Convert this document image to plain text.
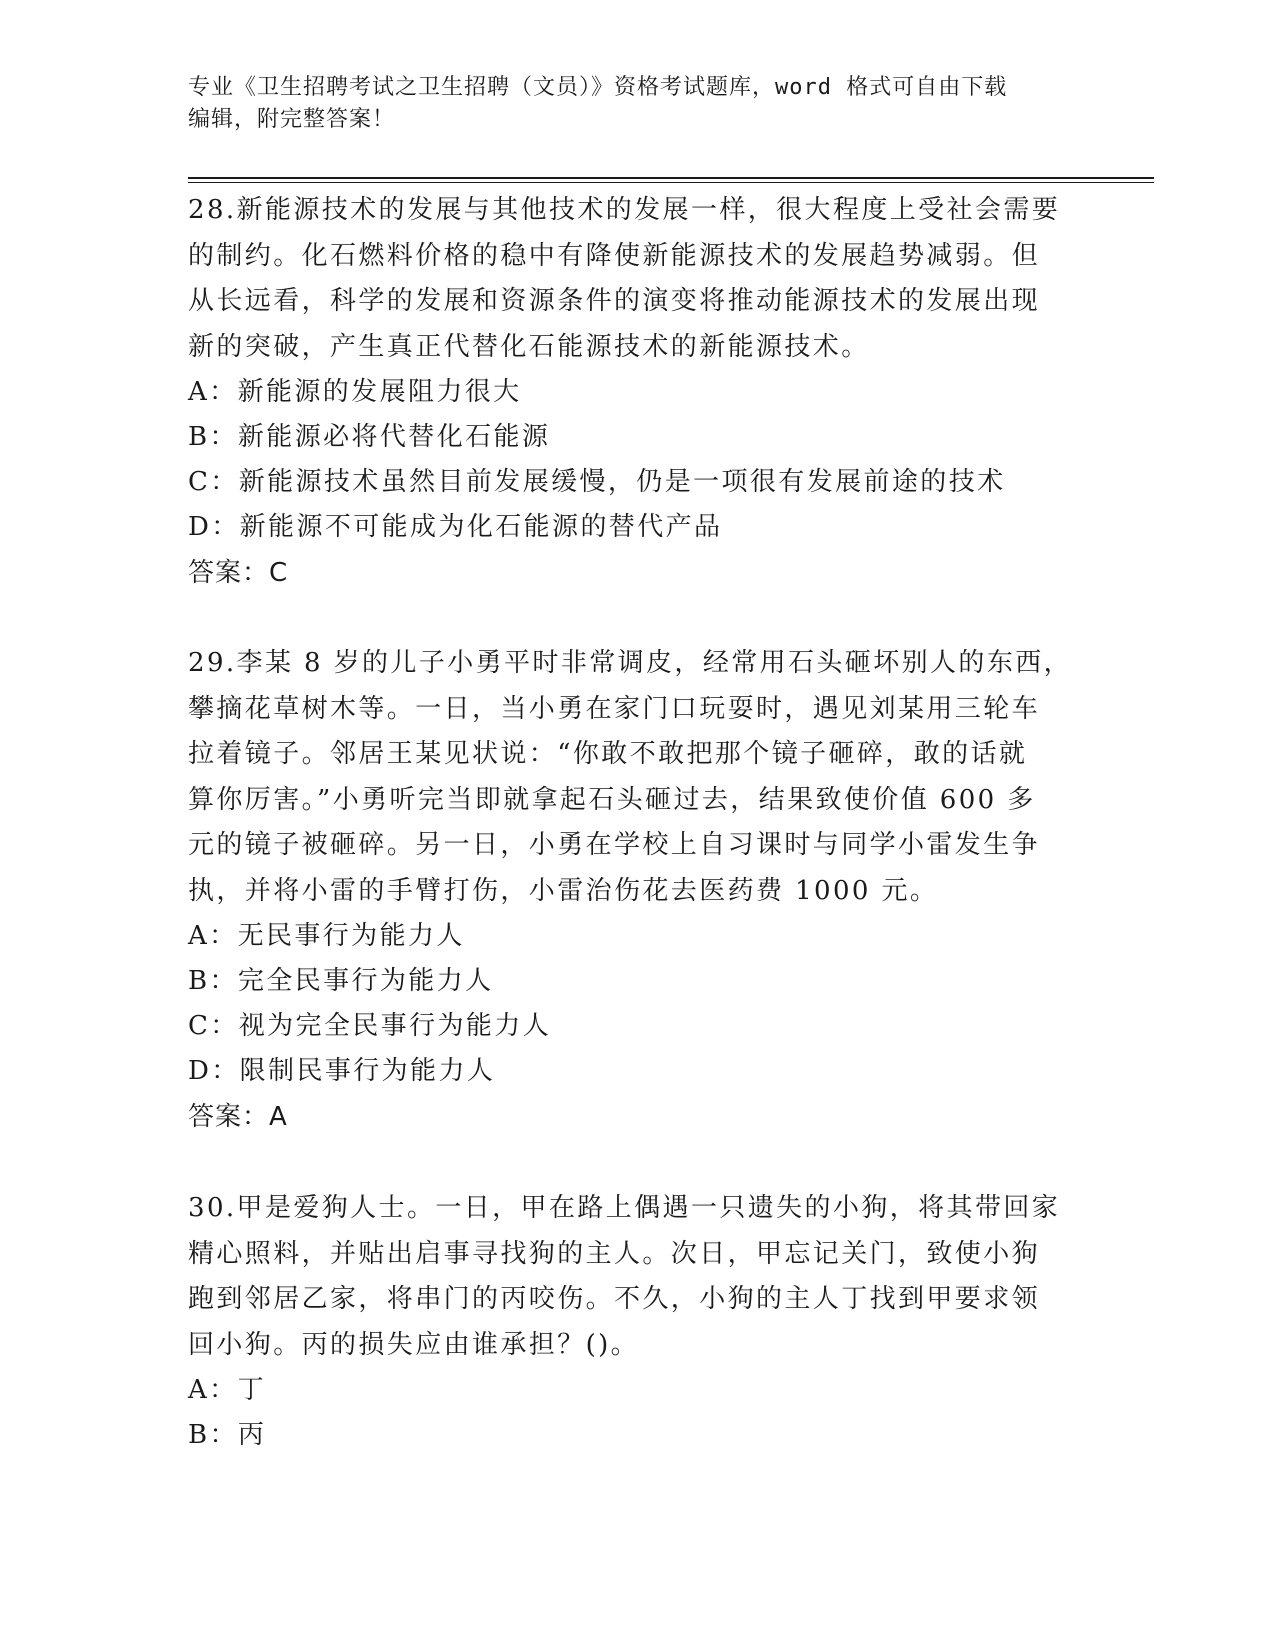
专业《卫生招聘考试之卫生招聘（文员）》资格考试题库，word 格式可自由下载
编辑，附完整答案！

28.新能源技术的发展与其他技术的发展一样，很大程度上受社会需要

的制约。化石燃料价格的稳中有降使新能源技术的发展趋势减弱。但

从长远看，科学的发展和资源条件的演变将推动能源技术的发展出现

新的突破，产生真正代替化石能源技术的新能源技术。

A：新能源的发展阻力很大

B：新能源必将代替化石能源

C：新能源技术虽然目前发展缓慢，仍是一项很有发展前途的技术

D：新能源不可能成为化石能源的替代产品

答案：C

29.李某 8 岁的儿子小勇平时非常调皮，经常用石头砸坏别人的东西，

攀摘花草树木等。一日，当小勇在家门口玩耍时，遇见刘某用三轮车

拉着镜子。邻居王某见状说：“你敢不敢把那个镜子砸碎，敢的话就

算你厉害。”小勇听完当即就拿起石头砸过去，结果致使价值 600 多

元的镜子被砸碎。另一日，小勇在学校上自习课时与同学小雷发生争

执，并将小雷的手臂打伤，小雷治伤花去医药费 1000 元。

A：无民事行为能力人

B：完全民事行为能力人

C：视为完全民事行为能力人

D：限制民事行为能力人

答案：A

30.甲是爱狗人士。一日，甲在路上偶遇一只遗失的小狗，将其带回家

精心照料，并贴出启事寻找狗的主人。次日，甲忘记关门，致使小狗

跑到邻居乙家，将串门的丙咬伤。不久，小狗的主人丁找到甲要求领

回小狗。丙的损失应由谁承担？()。

A：丁

B：丙
